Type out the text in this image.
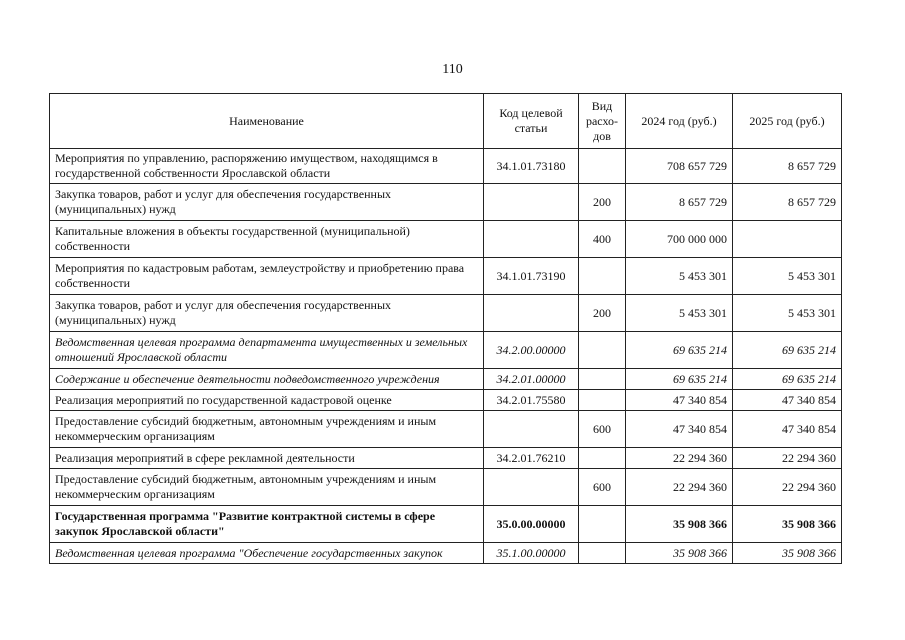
110
Наименование	Код целевой статьи	Вид расхо-дов	2024 год (руб.)	2025 год (руб.)
Мероприятия по управлению, распоряжению имуществом, находящимся в государственной собственности Ярославской области	34.1.01.73180		708 657 729	8 657 729
Закупка товаров, работ и услуг для обеспечения государственных (муниципальных) нужд		200	8 657 729	8 657 729
Капитальные вложения в объекты государственной (муниципальной) собственности		400	700 000 000	
Мероприятия по кадастровым работам, землеустройству и приобретению права собственности	34.1.01.73190		5 453 301	5 453 301
Закупка товаров, работ и услуг для обеспечения государственных (муниципальных) нужд		200	5 453 301	5 453 301
Ведомственная целевая программа департамента имущественных и земельных отношений Ярославской области	34.2.00.00000		69 635 214	69 635 214
Содержание и обеспечение деятельности подведомственного учреждения	34.2.01.00000		69 635 214	69 635 214
Реализация мероприятий по государственной кадастровой оценке	34.2.01.75580		47 340 854	47 340 854
Предоставление субсидий бюджетным, автономным учреждениям и иным некоммерческим организациям		600	47 340 854	47 340 854
Реализация мероприятий в сфере рекламной деятельности	34.2.01.76210		22 294 360	22 294 360
Предоставление субсидий бюджетным, автономным учреждениям и иным некоммерческим организациям		600	22 294 360	22 294 360
Государственная программа "Развитие контрактной системы в сфере закупок Ярославской области"	35.0.00.00000		35 908 366	35 908 366
Ведомственная целевая программа "Обеспечение государственных закупок	35.1.00.00000		35 908 366	35 908 366
